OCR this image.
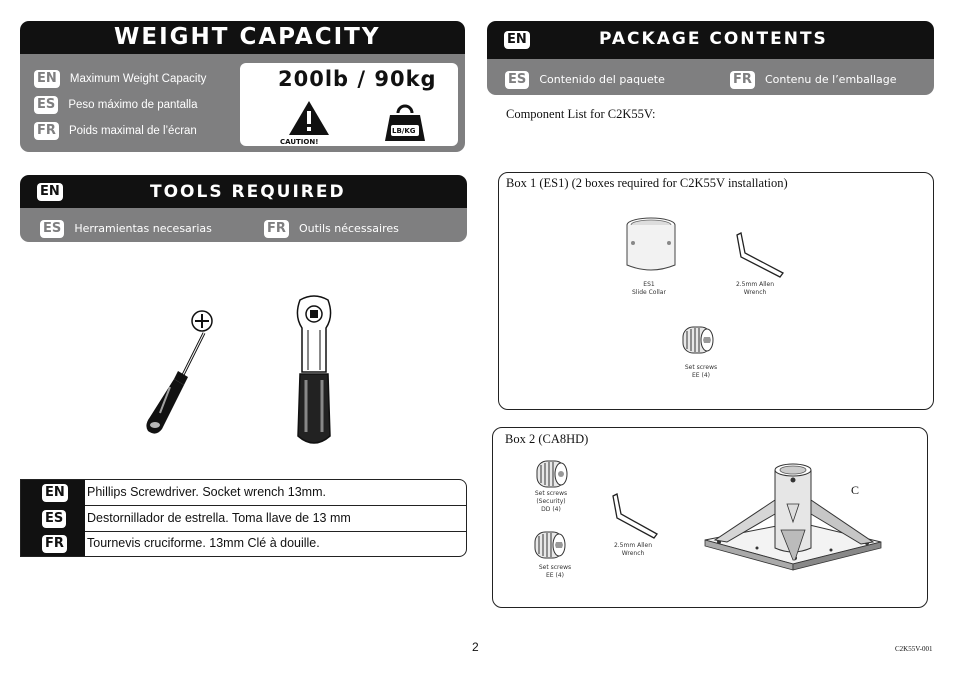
WEIGHT CAPACITY
EN Maximum Weight Capacity
ES Peso máximo de pantalla
FR Poids maximal de l’écran
200lb / 90kg
CAUTION!
LB/KG
EN	TOOLS REQUIRED
ES Herramientas necesarias	FR Outils nécessaires
EN Phillips Screwdriver. Socket wrench 13mm.
ES Destornillador de estrella. Toma llave de 13 mm
FR Tournevis cruciforme. 13mm Clé à douille.
EN	PACKAGE CONTENTS
ES Contenido del paquete	FR Contenu de l’emballage
Component List for C2K55V:
Box 1 (ES1) (2 boxes required for C2K55V installation)
ES1
Slide Collar
2.5mm Allen
Wrench
Set screws
EE (4)
Box 2 (CA8HD)
Set screws
(Security)
DD (4)
Set screws
EE (4)
2.5mm Allen
Wrench
C
2	C2K55V-001
